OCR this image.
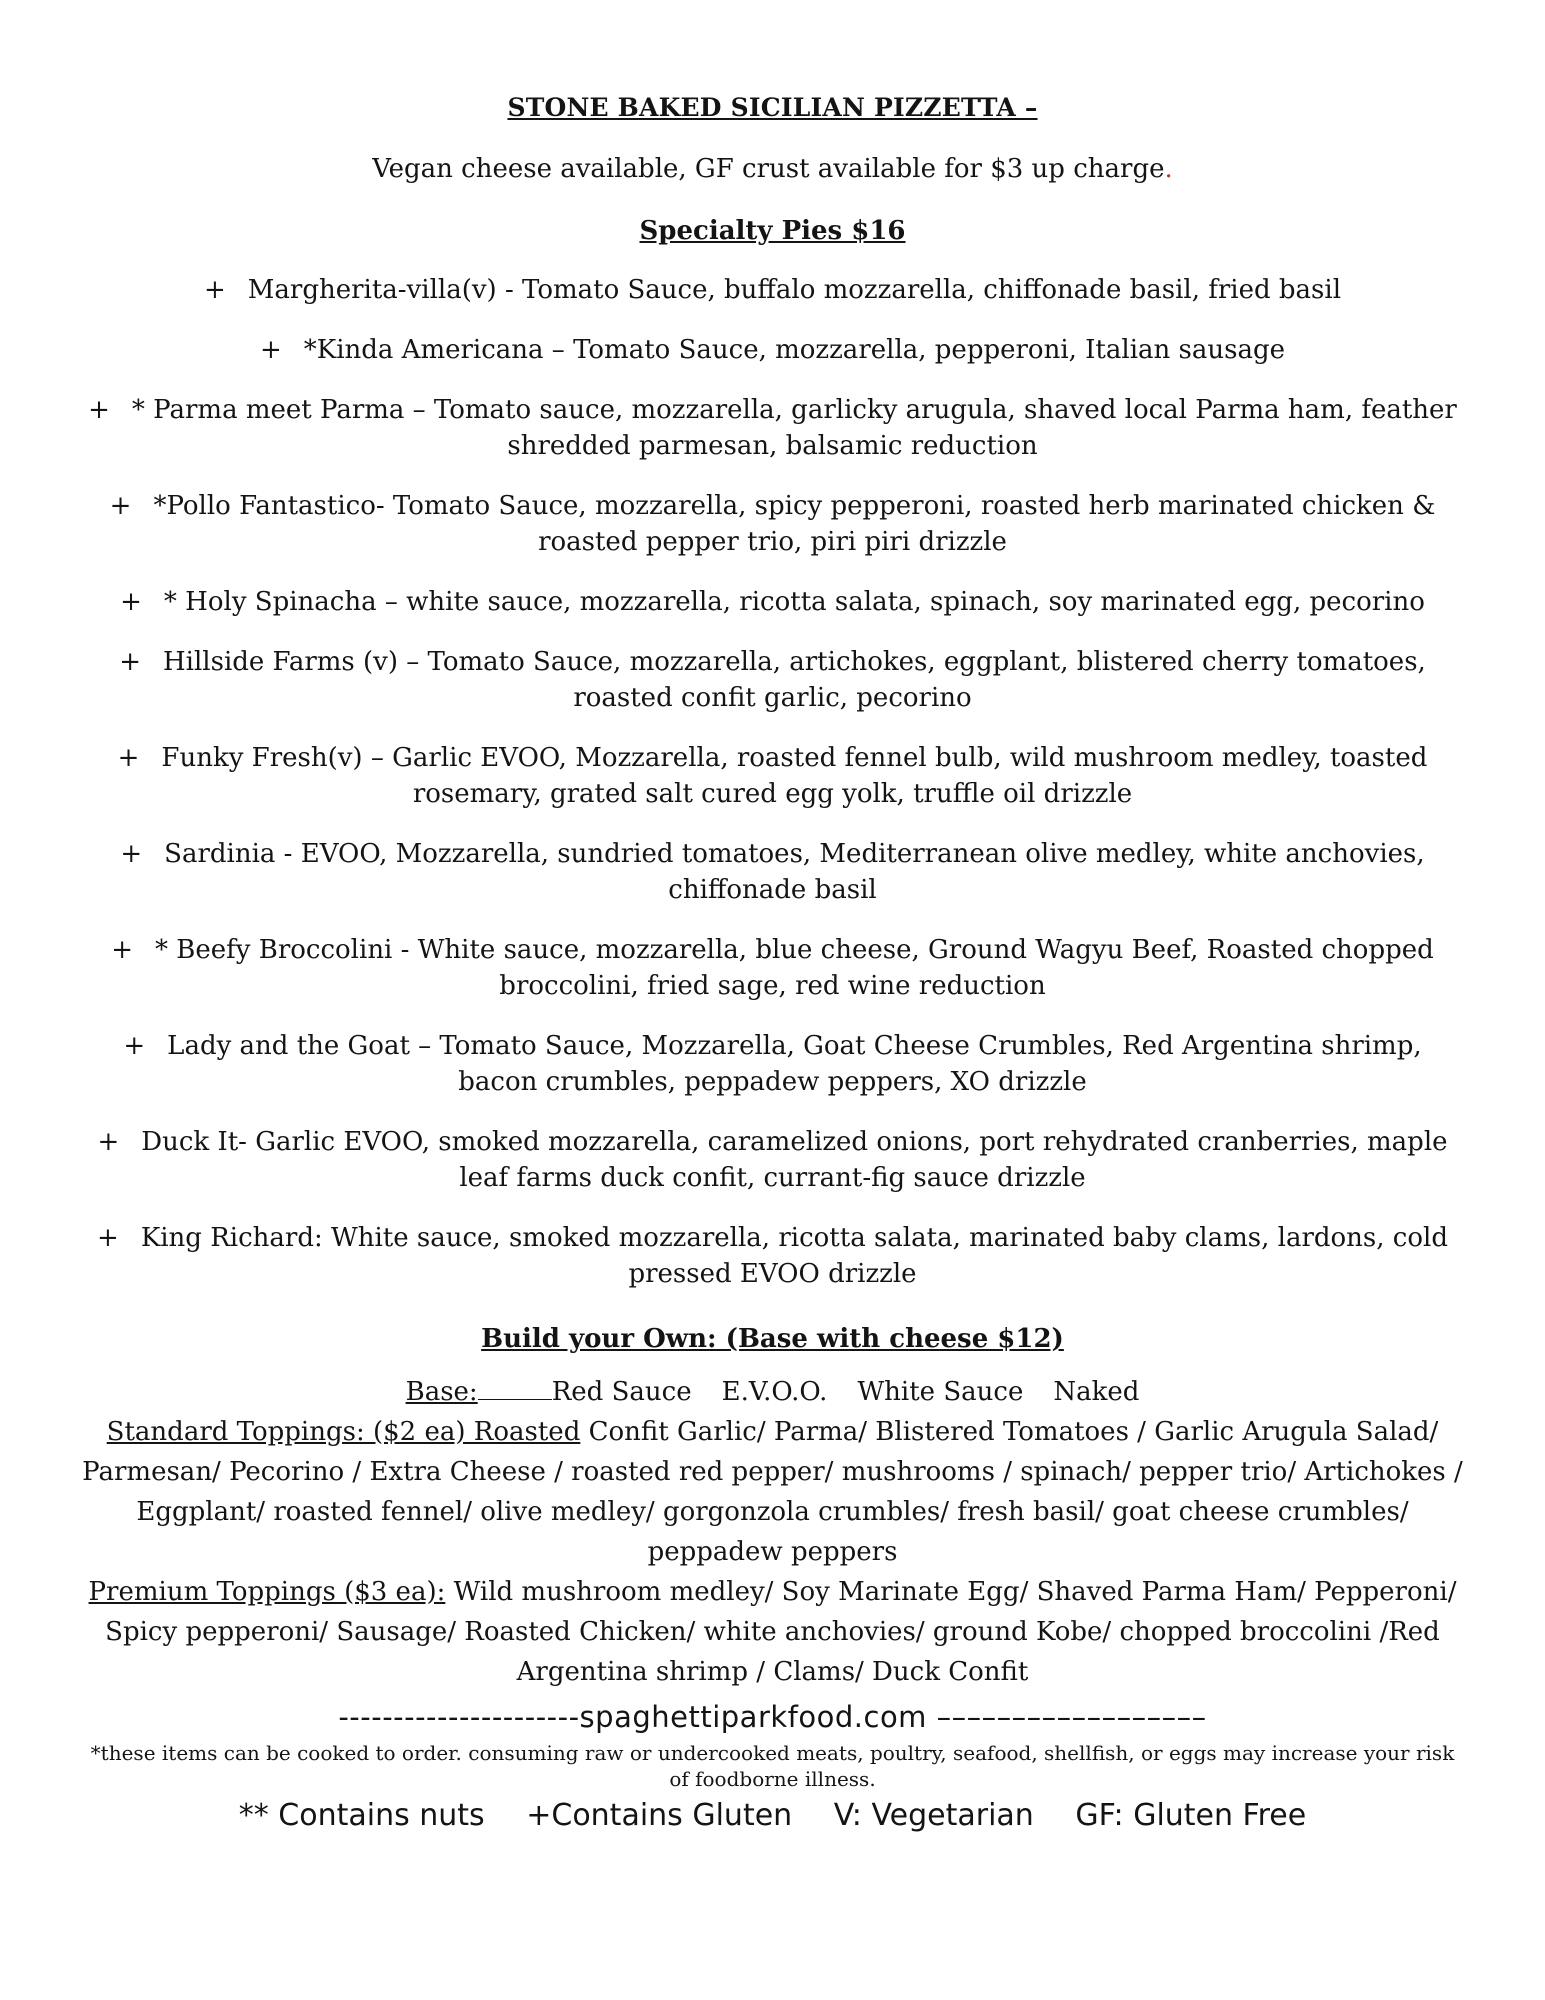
STONE BAKED SICILIAN PIZZETTA –
Vegan cheese available, GF crust available for $3 up charge.
Specialty Pies $16
+ Margherita-villa(v) - Tomato Sauce, buffalo mozzarella, chiffonade basil, fried basil
+ *Kinda Americana – Tomato Sauce, mozzarella, pepperoni, Italian sausage
+ * Parma meet Parma – Tomato sauce, mozzarella, garlicky arugula, shaved local Parma ham, feather shredded parmesan, balsamic reduction
+ *Pollo Fantastico- Tomato Sauce, mozzarella, spicy pepperoni, roasted herb marinated chicken & roasted pepper trio, piri piri drizzle
+ * Holy Spinacha – white sauce, mozzarella, ricotta salata, spinach, soy marinated egg, pecorino
+ Hillside Farms (v) – Tomato Sauce, mozzarella, artichokes, eggplant, blistered cherry tomatoes, roasted confit garlic, pecorino
+ Funky Fresh(v) – Garlic EVOO, Mozzarella, roasted fennel bulb, wild mushroom medley, toasted rosemary, grated salt cured egg yolk, truffle oil drizzle
+ Sardinia - EVOO, Mozzarella, sundried tomatoes, Mediterranean olive medley, white anchovies, chiffonade basil
+ * Beefy Broccolini - White sauce, mozzarella, blue cheese, Ground Wagyu Beef, Roasted chopped broccolini, fried sage, red wine reduction
+ Lady and the Goat – Tomato Sauce, Mozzarella, Goat Cheese Crumbles, Red Argentina shrimp, bacon crumbles, peppadew peppers, XO drizzle
+ Duck It- Garlic EVOO, smoked mozzarella, caramelized onions, port rehydrated cranberries, maple leaf farms duck confit, currant-fig sauce drizzle
+ King Richard: White sauce, smoked mozzarella, ricotta salata, marinated baby clams, lardons, cold pressed EVOO drizzle
Build your Own: (Base with cheese $12)
Base:	Red Sauce E.V.O.O. White Sauce Naked
Standard Toppings: ($2 ea) Roasted Confit Garlic/ Parma/ Blistered Tomatoes / Garlic Arugula Salad/ Parmesan/ Pecorino / Extra Cheese / roasted red pepper/ mushrooms / spinach/ pepper trio/ Artichokes / Eggplant/ roasted fennel/ olive medley/ gorgonzola crumbles/ fresh basil/ goat cheese crumbles/ peppadew peppers
Premium Toppings ($3 ea): Wild mushroom medley/ Soy Marinate Egg/ Shaved Parma Ham/ Pepperoni/ Spicy pepperoni/ Sausage/ Roasted Chicken/ white anchovies/ ground Kobe/ chopped broccolini /Red Argentina shrimp / Clams/ Duck Confit
----------------------spaghettiparkfood.com ––––––––––––––––––
*these items can be cooked to order. consuming raw or undercooked meats, poultry, seafood, shellfish, or eggs may increase your risk of foodborne illness.
** Contains nuts +Contains Gluten V: Vegetarian GF: Gluten Free
